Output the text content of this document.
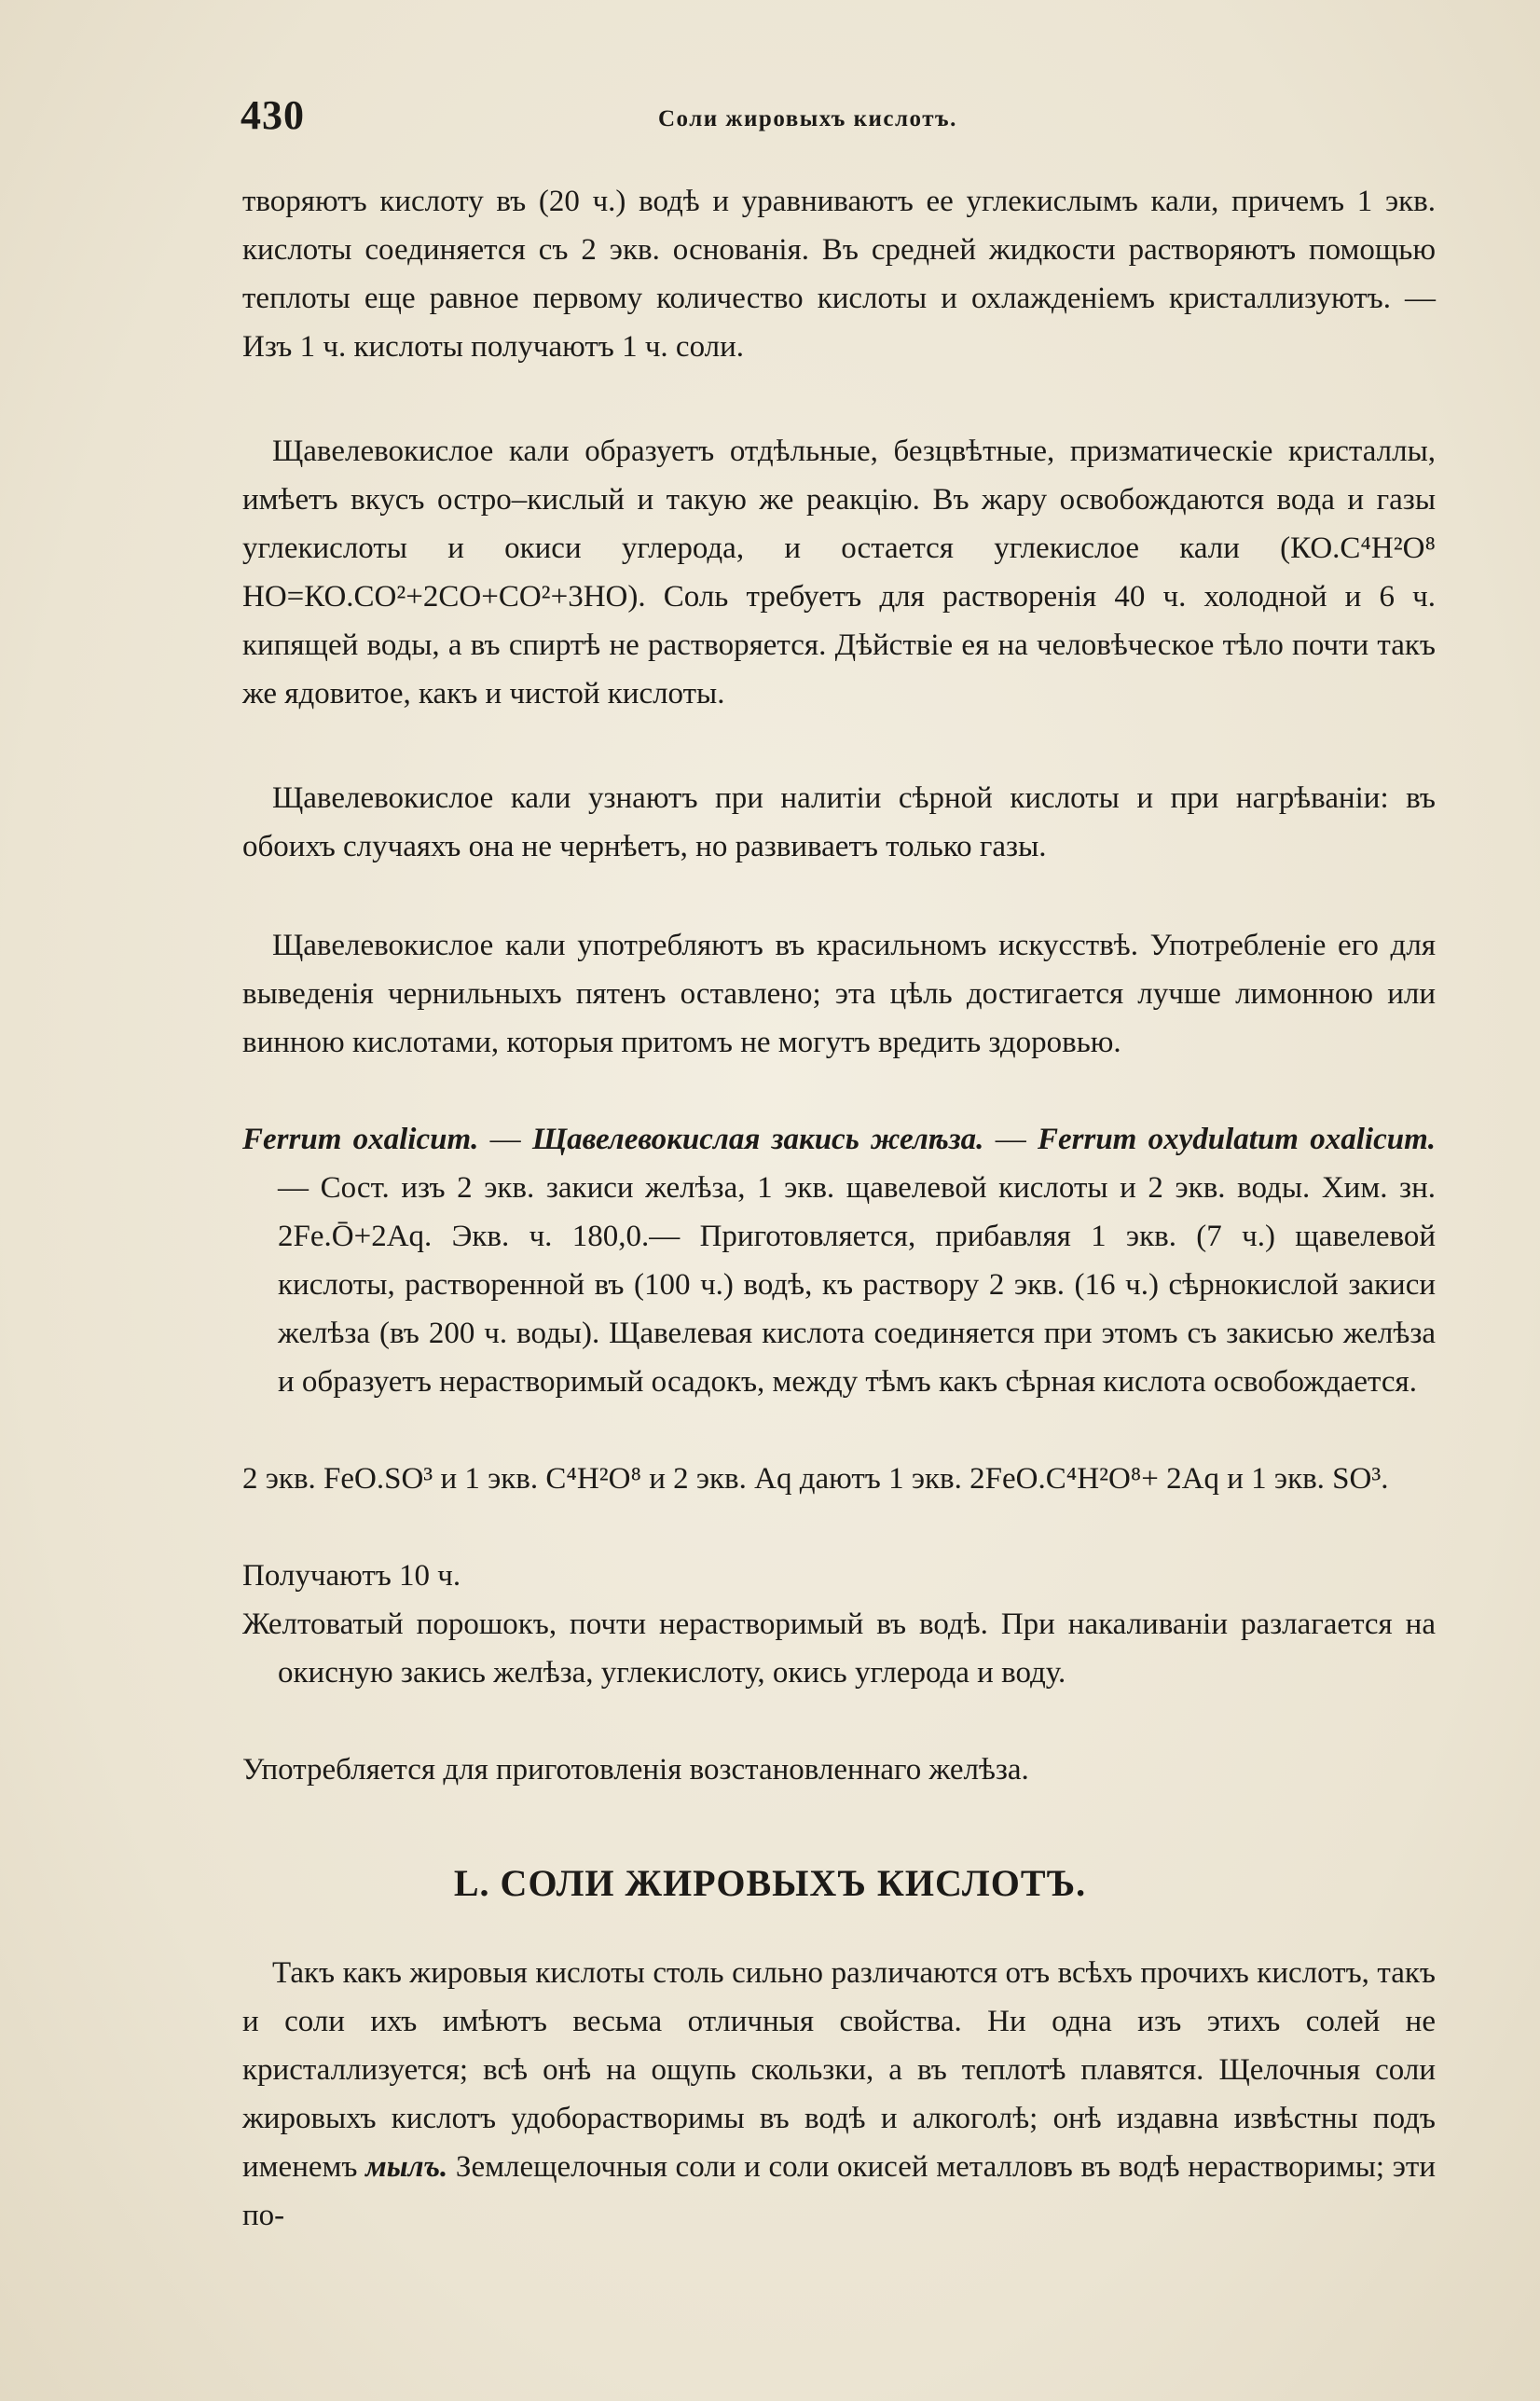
430	Соли жировыхъ кислотъ.

творяютъ кислоту въ (20 ч.) водѣ и уравниваютъ ее углекислымъ кали, причемъ 1 экв. кислоты соединяется съ 2 экв. основанія. Въ средней жидкости растворяютъ помощью теплоты еще равное первому количество кислоты и охлажденіемъ кристаллизуютъ. — Изъ 1 ч. кислоты получаютъ 1 ч. соли.

Щавелевокислое кали образуетъ отдѣльные, безцвѣтные, призматическіе кристаллы, имѣетъ вкусъ остро–кислый и такую же реакцію. Въ жару освобождаются вода и газы углекислоты и окиси углерода, и остается углекислое кали (КО.С⁴Н²О⁸ НО=КО.СО²+2СО+СО²+3НО). Соль требуетъ для растворенія 40 ч. холодной и 6 ч. кипящей воды, а въ спиртѣ не растворяется. Дѣйствіе ея на человѣческое тѣло почти такъ же ядовитое, какъ и чистой кислоты.

Щавелевокислое кали узнаютъ при налитіи сѣрной кислоты и при нагрѣваніи: въ обоихъ случаяхъ она не чернѣетъ, но развиваетъ только газы.

Щавелевокислое кали употребляютъ въ красильномъ искусствѣ. Употребленіе его для выведенія чернильныхъ пятенъ оставлено; эта цѣль достигается лучше лимонною или винною кислотами, которыя притомъ не могутъ вредить здоровью.

Ferrum oxalicum. — Щавелевокислая закись желѣза. — Ferrum oxydulatum oxalicum. — Сост. изъ 2 экв. закиси желѣза, 1 экв. щавелевой кислоты и 2 экв. воды. Хим. зн. 2Fe.Ō+2Aq. Экв. ч. 180,0.— Приготовляется, прибавляя 1 экв. (7 ч.) щавелевой кислоты, растворенной въ (100 ч.) водѣ, къ раствору 2 экв. (16 ч.) сѣрнокислой закиси желѣза (въ 200 ч. воды). Щавелевая кислота соединяется при этомъ съ закисью желѣза и образуетъ нерастворимый осадокъ, между тѣмъ какъ сѣрная кислота освобождается.

2 экв. FeO.SO³ и 1 экв. C⁴H²O⁸ и 2 экв. Aq даютъ 1 экв. 2FeO.C⁴H²O⁸+ 2Aq и 1 экв. SO³.

Получаютъ 10 ч.

Желтоватый порошокъ, почти нерастворимый въ водѣ. При накаливаніи разлагается на окисную закись желѣза, углекислоту, окись углерода и воду.

Употребляется для приготовленія возстановленнаго желѣза.

L. СОЛИ ЖИРОВЫХЪ КИСЛОТЪ.

Такъ какъ жировыя кислоты столь сильно различаются отъ всѣхъ прочихъ кислотъ, такъ и соли ихъ имѣютъ весьма отличныя свойства. Ни одна изъ этихъ солей не кристаллизуется; всѣ онѣ на ощупь скользки, а въ теплотѣ плавятся. Щелочныя соли жировыхъ кислотъ удоборастворимы въ водѣ и алкоголѣ; онѣ издавна извѣстны подъ именемъ мылъ. Землещелочныя соли и соли окисей металловъ въ водѣ нерастворимы; эти по-
